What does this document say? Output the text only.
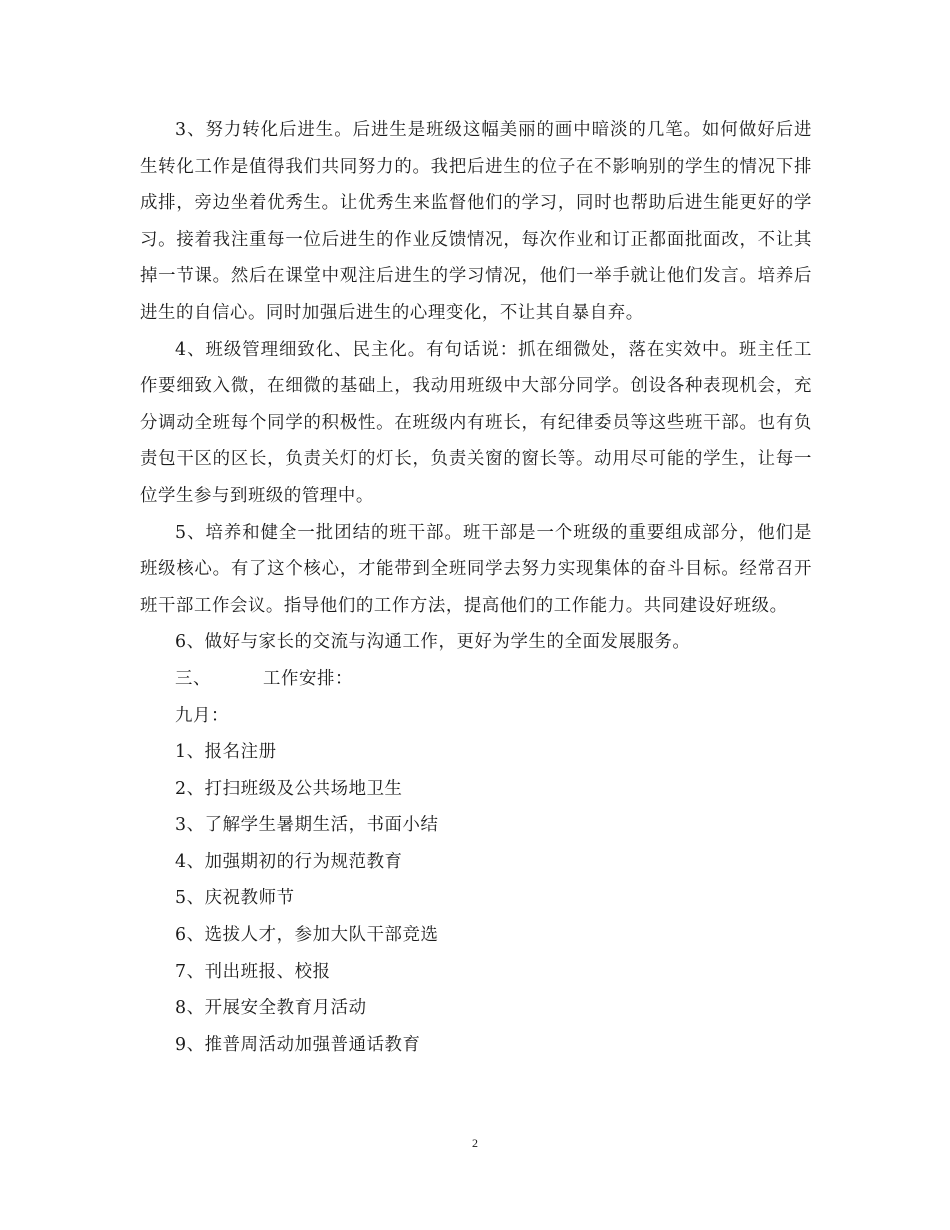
3、努力转化后进生。后进生是班级这幅美丽的画中暗淡的几笔。如何做好后进生转化工作是值得我们共同努力的。我把后进生的位子在不影响别的学生的情况下排成排，旁边坐着优秀生。让优秀生来监督他们的学习，同时也帮助后进生能更好的学习。接着我注重每一位后进生的作业反馈情况，每次作业和订正都面批面改，不让其掉一节课。然后在课堂中观注后进生的学习情况，他们一举手就让他们发言。培养后进生的自信心。同时加强后进生的心理变化，不让其自暴自弃。

4、班级管理细致化、民主化。有句话说：抓在细微处，落在实效中。班主任工作要细致入微，在细微的基础上，我动用班级中大部分同学。创设各种表现机会，充分调动全班每个同学的积极性。在班级内有班长，有纪律委员等这些班干部。也有负责包干区的区长，负责关灯的灯长，负责关窗的窗长等。动用尽可能的学生，让每一位学生参与到班级的管理中。

5、培养和健全一批团结的班干部。班干部是一个班级的重要组成部分，他们是班级核心。有了这个核心，才能带到全班同学去努力实现集体的奋斗目标。经常召开班干部工作会议。指导他们的工作方法，提高他们的工作能力。共同建设好班级。

6、做好与家长的交流与沟通工作，更好为学生的全面发展服务。

三、	工作安排：

九月：

1、报名注册

2、打扫班级及公共场地卫生

3、了解学生暑期生活，书面小结

4、加强期初的行为规范教育

5、庆祝教师节

6、选拔人才，参加大队干部竞选

7、刊出班报、校报

8、开展安全教育月活动

9、推普周活动加强普通话教育

2
